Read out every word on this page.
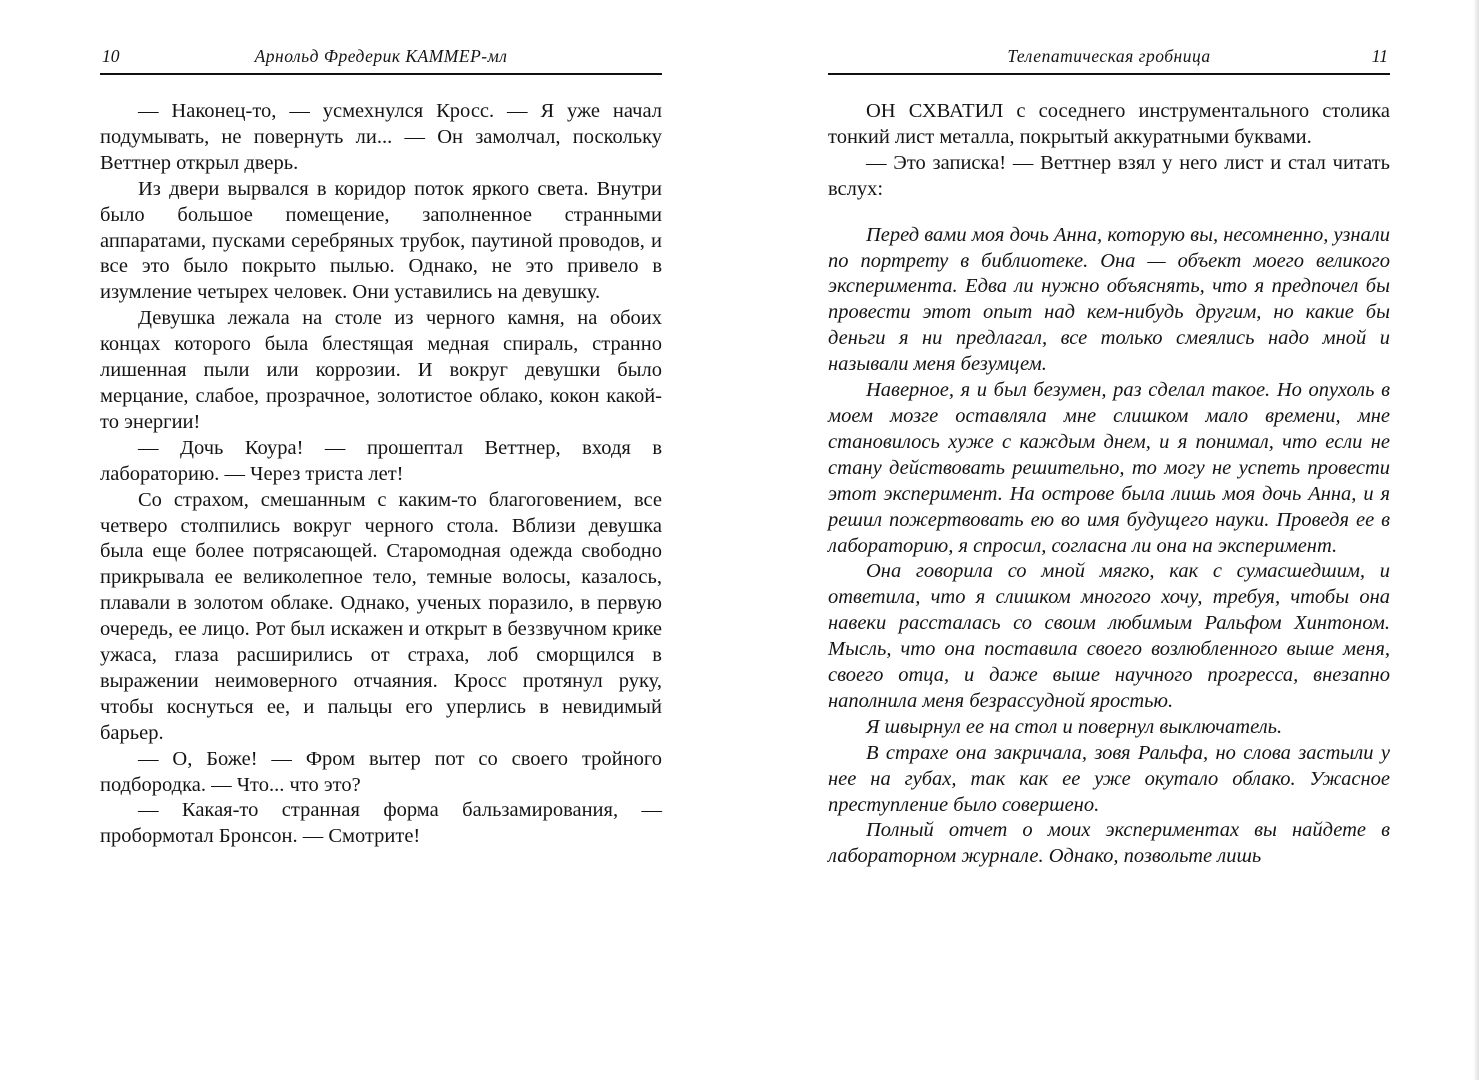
10	Арнольд Фредерик КАММЕР-мл

— Наконец-то, — усмехнулся Кросс. — Я уже начал подумывать, не повернуть ли... — Он замолчал, поскольку Веттнер открыл дверь.

Из двери вырвался в коридор поток яркого света. Внутри было большое помещение, заполненное странными аппаратами, пусками серебряных трубок, паутиной проводов, и все это было покрыто пылью. Однако, не это привело в изумление четырех человек. Они уставились на девушку.

Девушка лежала на столе из черного камня, на обоих концах которого была блестящая медная спираль, странно лишенная пыли или коррозии. И вокруг девушки было мерцание, слабое, прозрачное, золотистое облако, кокон какой-то энергии!

— Дочь Коура! — прошептал Веттнер, входя в лабораторию. — Через триста лет!

Со страхом, смешанным с каким-то благоговением, все четверо столпились вокруг черного стола. Вблизи девушка была еще более потрясающей. Старомодная одежда свободно прикрывала ее великолепное тело, темные волосы, казалось, плавали в золотом облаке. Однако, ученых поразило, в первую очередь, ее лицо. Рот был искажен и открыт в беззвучном крике ужаса, глаза расширились от страха, лоб сморщился в выражении неимоверного отчаяния. Кросс протянул руку, чтобы коснуться ее, и пальцы его уперлись в невидимый барьер.

— О, Боже! — Фром вытер пот со своего тройного подбородка. — Что... что это?

— Какая-то странная форма бальзамирования, — пробормотал Бронсон. — Смотрите!

Телепатическая гробница	11

ОН СХВАТИЛ с соседнего инструментального столика тонкий лист металла, покрытый аккуратными буквами.

— Это записка! — Веттнер взял у него лист и стал читать вслух:

Перед вами моя дочь Анна, которую вы, несомненно, узнали по портрету в библиотеке. Она — объект моего великого эксперимента. Едва ли нужно объяснять, что я предпочел бы провести этот опыт над кем-нибудь другим, но какие бы деньги я ни предлагал, все только смеялись надо мной и называли меня безумцем.

Наверное, я и был безумен, раз сделал такое. Но опухоль в моем мозге оставляла мне слишком мало времени, мне становилось хуже с каждым днем, и я понимал, что если не стану действовать решительно, то могу не успеть провести этот эксперимент. На острове была лишь моя дочь Анна, и я решил пожертвовать ею во имя будущего науки. Проведя ее в лабораторию, я спросил, согласна ли она на эксперимент.

Она говорила со мной мягко, как с сумасшедшим, и ответила, что я слишком многого хочу, требуя, чтобы она навеки рассталась со своим любимым Ральфом Хинтоном. Мысль, что она поставила своего возлюбленного выше меня, своего отца, и даже выше научного прогресса, внезапно наполнила меня безрассудной яростью.

Я швырнул ее на стол и повернул выключатель.

В страхе она закричала, зовя Ральфа, но слова застыли у нее на губах, так как ее уже окутало облако. Ужасное преступление было совершено.

Полный отчет о моих экспериментах вы найдете в лабораторном журнале. Однако, позвольте лишь
